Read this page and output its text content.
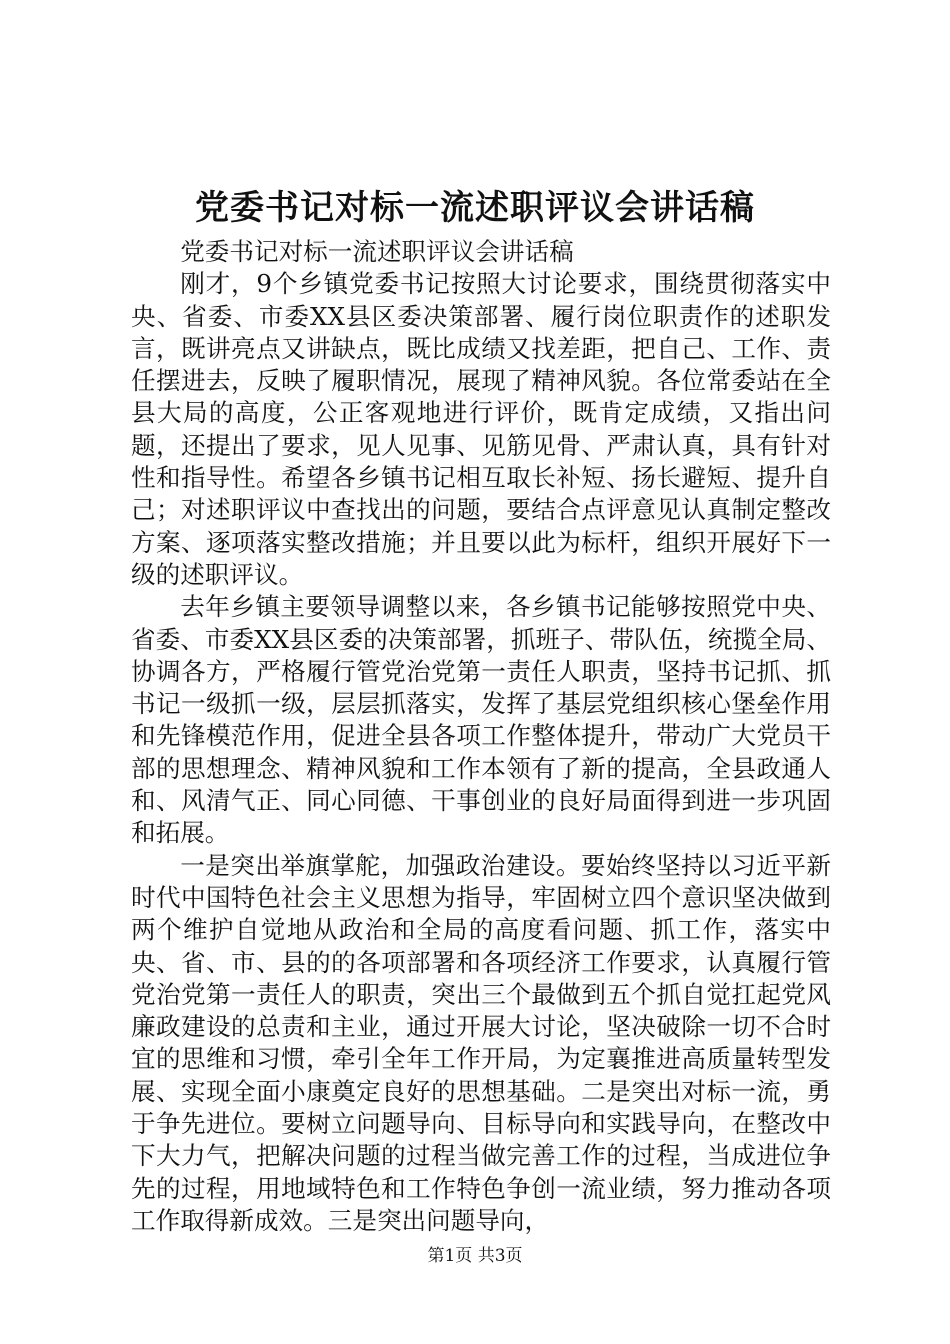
党委书记对标一流述职评议会讲话稿

党委书记对标一流述职评议会讲话稿

刚才，9个乡镇党委书记按照大讨论要求，围绕贯彻落实中央、省委、市委XX县区委决策部署、履行岗位职责作的述职发言，既讲亮点又讲缺点，既比成绩又找差距，把自己、工作、责任摆进去，反映了履职情况，展现了精神风貌。各位常委站在全县大局的高度，公正客观地进行评价，既肯定成绩，又指出问题，还提出了要求，见人见事、见筋见骨、严肃认真，具有针对性和指导性。希望各乡镇书记相互取长补短、扬长避短、提升自己；对述职评议中查找出的问题，要结合点评意见认真制定整改方案、逐项落实整改措施；并且要以此为标杆，组织开展好下一级的述职评议。

去年乡镇主要领导调整以来，各乡镇书记能够按照党中央、省委、市委XX县区委的决策部署，抓班子、带队伍，统揽全局、协调各方，严格履行管党治党第一责任人职责，坚持书记抓、抓书记一级抓一级，层层抓落实，发挥了基层党组织核心堡垒作用和先锋模范作用，促进全县各项工作整体提升，带动广大党员干部的思想理念、精神风貌和工作本领有了新的提高，全县政通人和、风清气正、同心同德、干事创业的良好局面得到进一步巩固和拓展。

一是突出举旗掌舵，加强政治建设。要始终坚持以习近平新时代中国特色社会主义思想为指导，牢固树立四个意识坚决做到两个维护自觉地从政治和全局的高度看问题、抓工作，落实中央、省、市、县的的各项部署和各项经济工作要求，认真履行管党治党第一责任人的职责，突出三个最做到五个抓自觉扛起党风廉政建设的总责和主业，通过开展大讨论，坚决破除一切不合时宜的思维和习惯，牵引全年工作开局，为定襄推进高质量转型发展、实现全面小康奠定良好的思想基础。二是突出对标一流，勇于争先进位。要树立问题导向、目标导向和实践导向，在整改中下大力气，把解决问题的过程当做完善工作的过程，当成进位争先的过程，用地域特色和工作特色争创一流业绩，努力推动各项工作取得新成效。三是突出问题导向，

第1页 共3页
